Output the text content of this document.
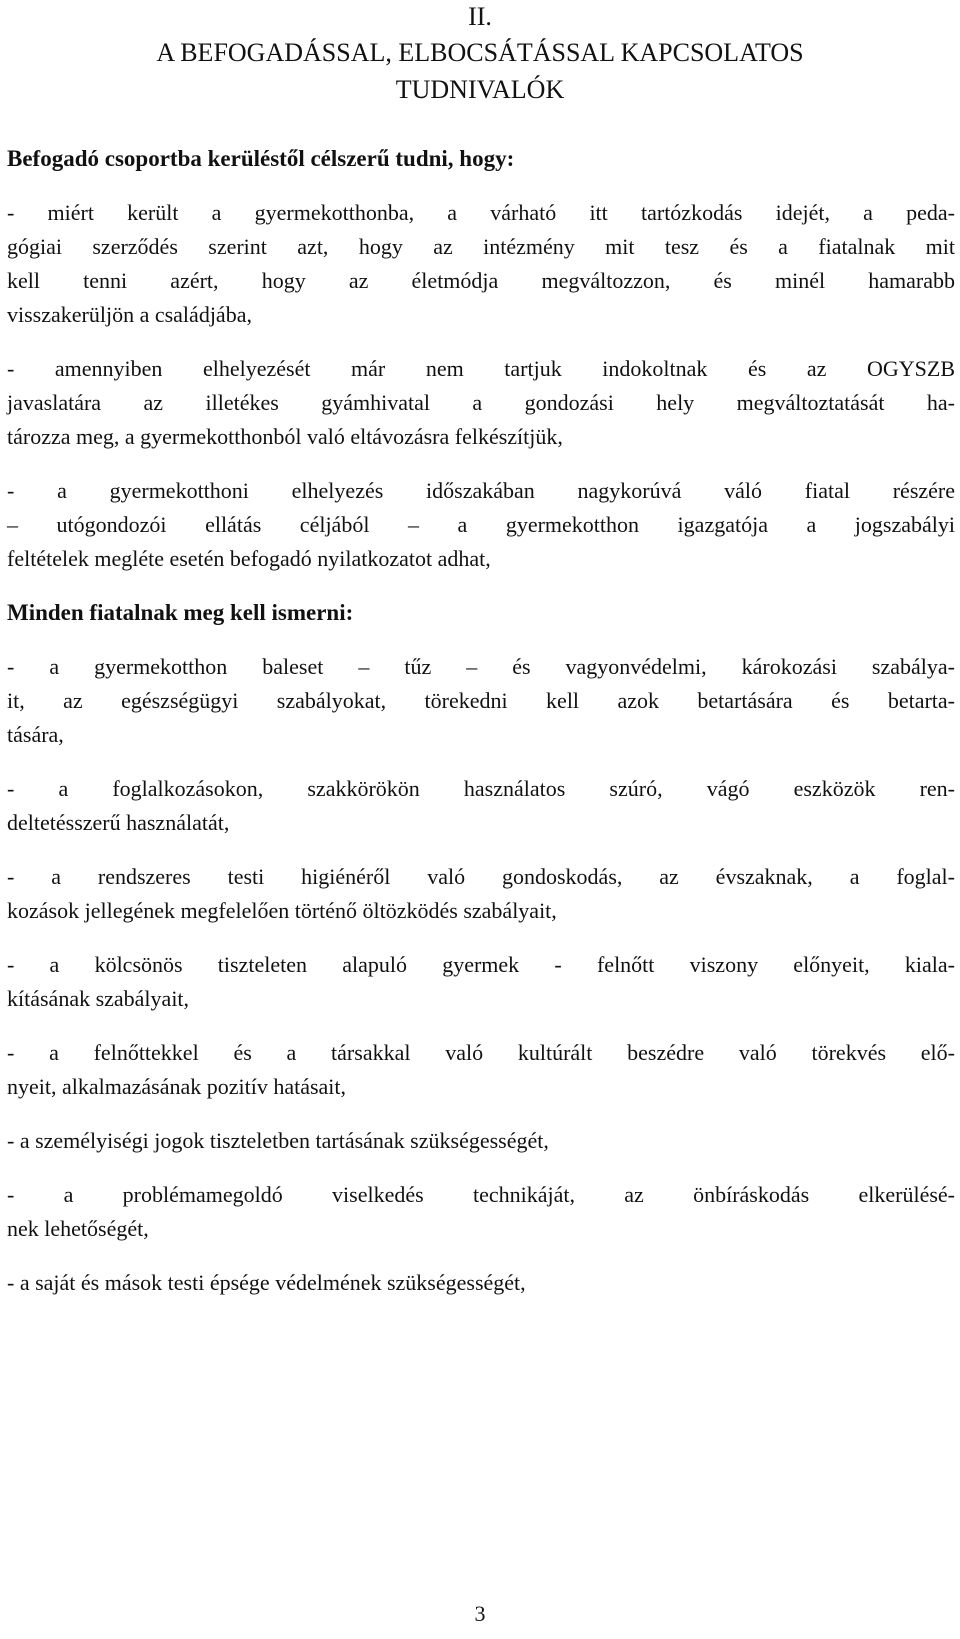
II.
A BEFOGADÁSSAL, ELBOCSÁTÁSSAL KAPCSOLATOS
TUDNIVALÓK

Befogadó csoportba kerüléstől célszerű tudni, hogy:

- miért került a gyermekotthonba, a várható itt tartózkodás idejét, a peda-
gógiai szerződés szerint azt, hogy az intézmény mit tesz és a fiatalnak mit
kell tenni azért, hogy az életmódja megváltozzon, és minél hamarabb
visszakerüljön a családjába,

- amennyiben elhelyezését már nem tartjuk indokoltnak és az OGYSZB
javaslatára az illetékes gyámhivatal a gondozási hely megváltoztatását ha-
tározza meg, a gyermekotthonból való eltávozásra felkészítjük,

- a gyermekotthoni elhelyezés időszakában nagykorúvá váló fiatal részére
– utógondozói ellátás céljából – a gyermekotthon igazgatója a jogszabályi
feltételek megléte esetén befogadó nyilatkozatot adhat,

Minden fiatalnak meg kell ismerni:

- a gyermekotthon baleset – tűz – és vagyonvédelmi, károkozási szabálya-
it, az egészségügyi szabályokat, törekedni kell azok betartására és betarta-
tására,

- a foglalkozásokon, szakkörökön használatos szúró, vágó eszközök ren-
deltetésszerű használatát,

- a rendszeres testi higiénéről való gondoskodás, az évszaknak, a foglal-
kozások jellegének megfelelően történő öltözködés szabályait,

- a kölcsönös tiszteleten alapuló gyermek - felnőtt viszony előnyeit, kiala-
kításának szabályait,

- a felnőttekkel és a társakkal való kultúrált beszédre való törekvés elő-
nyeit, alkalmazásának pozitív hatásait,

- a személyiségi jogok tiszteletben tartásának szükségességét,

- a problémamegoldó viselkedés technikáját, az önbíráskodás elkerülésé-
nek lehetőségét,

- a saját és mások testi épsége védelmének szükségességét,

3
